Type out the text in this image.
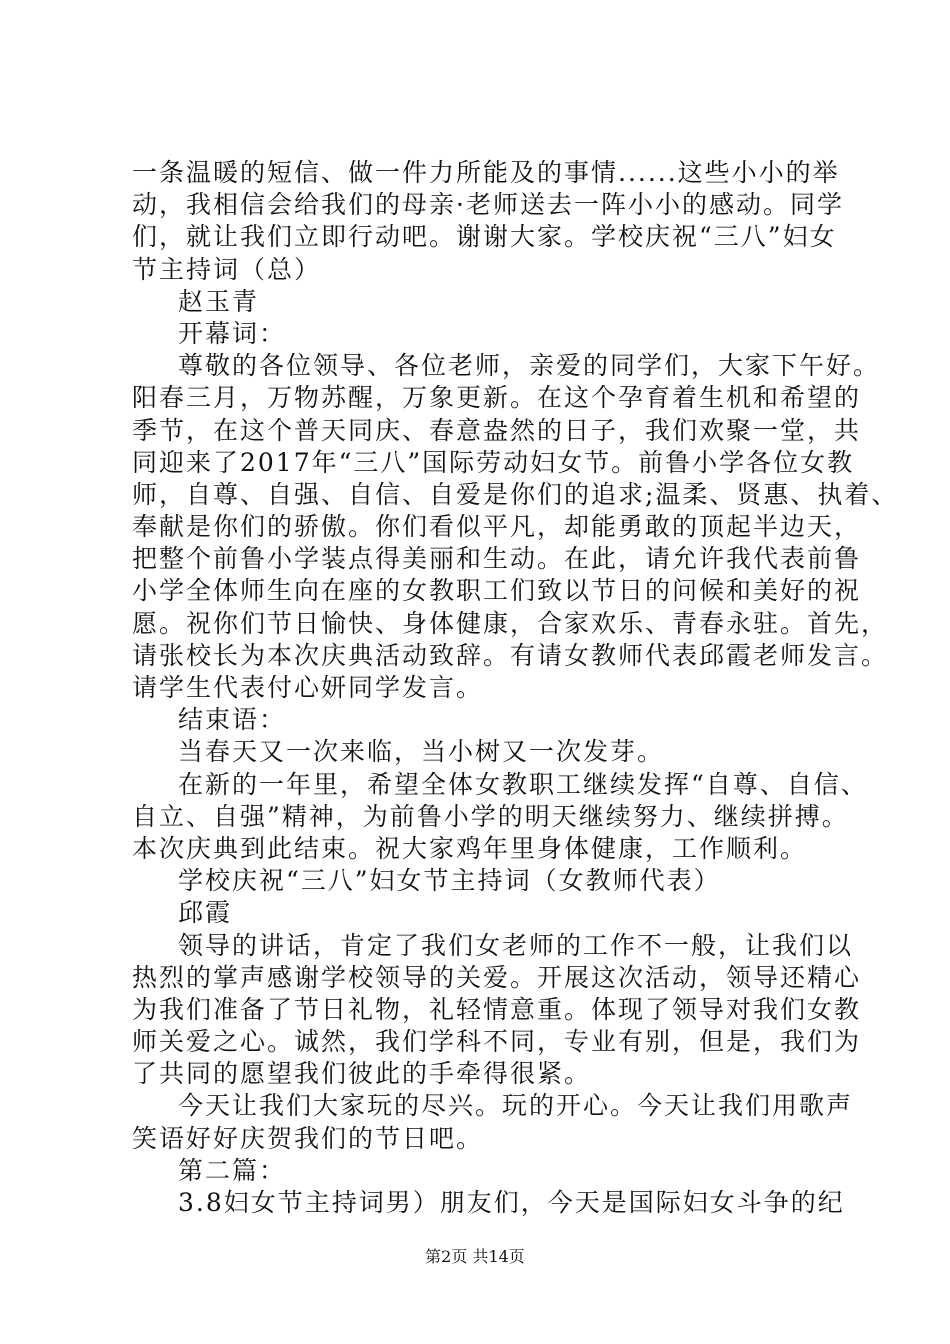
一条温暖的短信、做一件力所能及的事情......这些小小的举
动，我相信会给我们的母亲·老师送去一阵小小的感动。同学
们，就让我们立即行动吧。谢谢大家。学校庆祝“三八”妇女
节主持词（总）
赵玉青
开幕词：
尊敬的各位领导、各位老师，亲爱的同学们，大家下午好。
阳春三月，万物苏醒，万象更新。在这个孕育着生机和希望的
季节，在这个普天同庆、春意盎然的日子，我们欢聚一堂，共
同迎来了2017年“三八”国际劳动妇女节。前鲁小学各位女教
师，自尊、自强、自信、自爱是你们的追求;温柔、贤惠、执着、
奉献是你们的骄傲。你们看似平凡，却能勇敢的顶起半边天，
把整个前鲁小学装点得美丽和生动。在此，请允许我代表前鲁
小学全体师生向在座的女教职工们致以节日的问候和美好的祝
愿。祝你们节日愉快、身体健康，合家欢乐、青春永驻。首先，
请张校长为本次庆典活动致辞。有请女教师代表邱霞老师发言。
请学生代表付心妍同学发言。
结束语：
当春天又一次来临，当小树又一次发芽。
在新的一年里，希望全体女教职工继续发挥“自尊、自信、
自立、自强”精神，为前鲁小学的明天继续努力、继续拼搏。
本次庆典到此结束。祝大家鸡年里身体健康，工作顺利。
学校庆祝“三八”妇女节主持词（女教师代表）
邱霞
领导的讲话，肯定了我们女老师的工作不一般，让我们以
热烈的掌声感谢学校领导的关爱。开展这次活动，领导还精心
为我们准备了节日礼物，礼轻情意重。体现了领导对我们女教
师关爱之心。诚然，我们学科不同，专业有别，但是，我们为
了共同的愿望我们彼此的手牵得很紧。
今天让我们大家玩的尽兴。玩的开心。今天让我们用歌声
笑语好好庆贺我们的节日吧。
第二篇：
3.8妇女节主持词男）朋友们，今天是国际妇女斗争的纪
第2页 共14页
